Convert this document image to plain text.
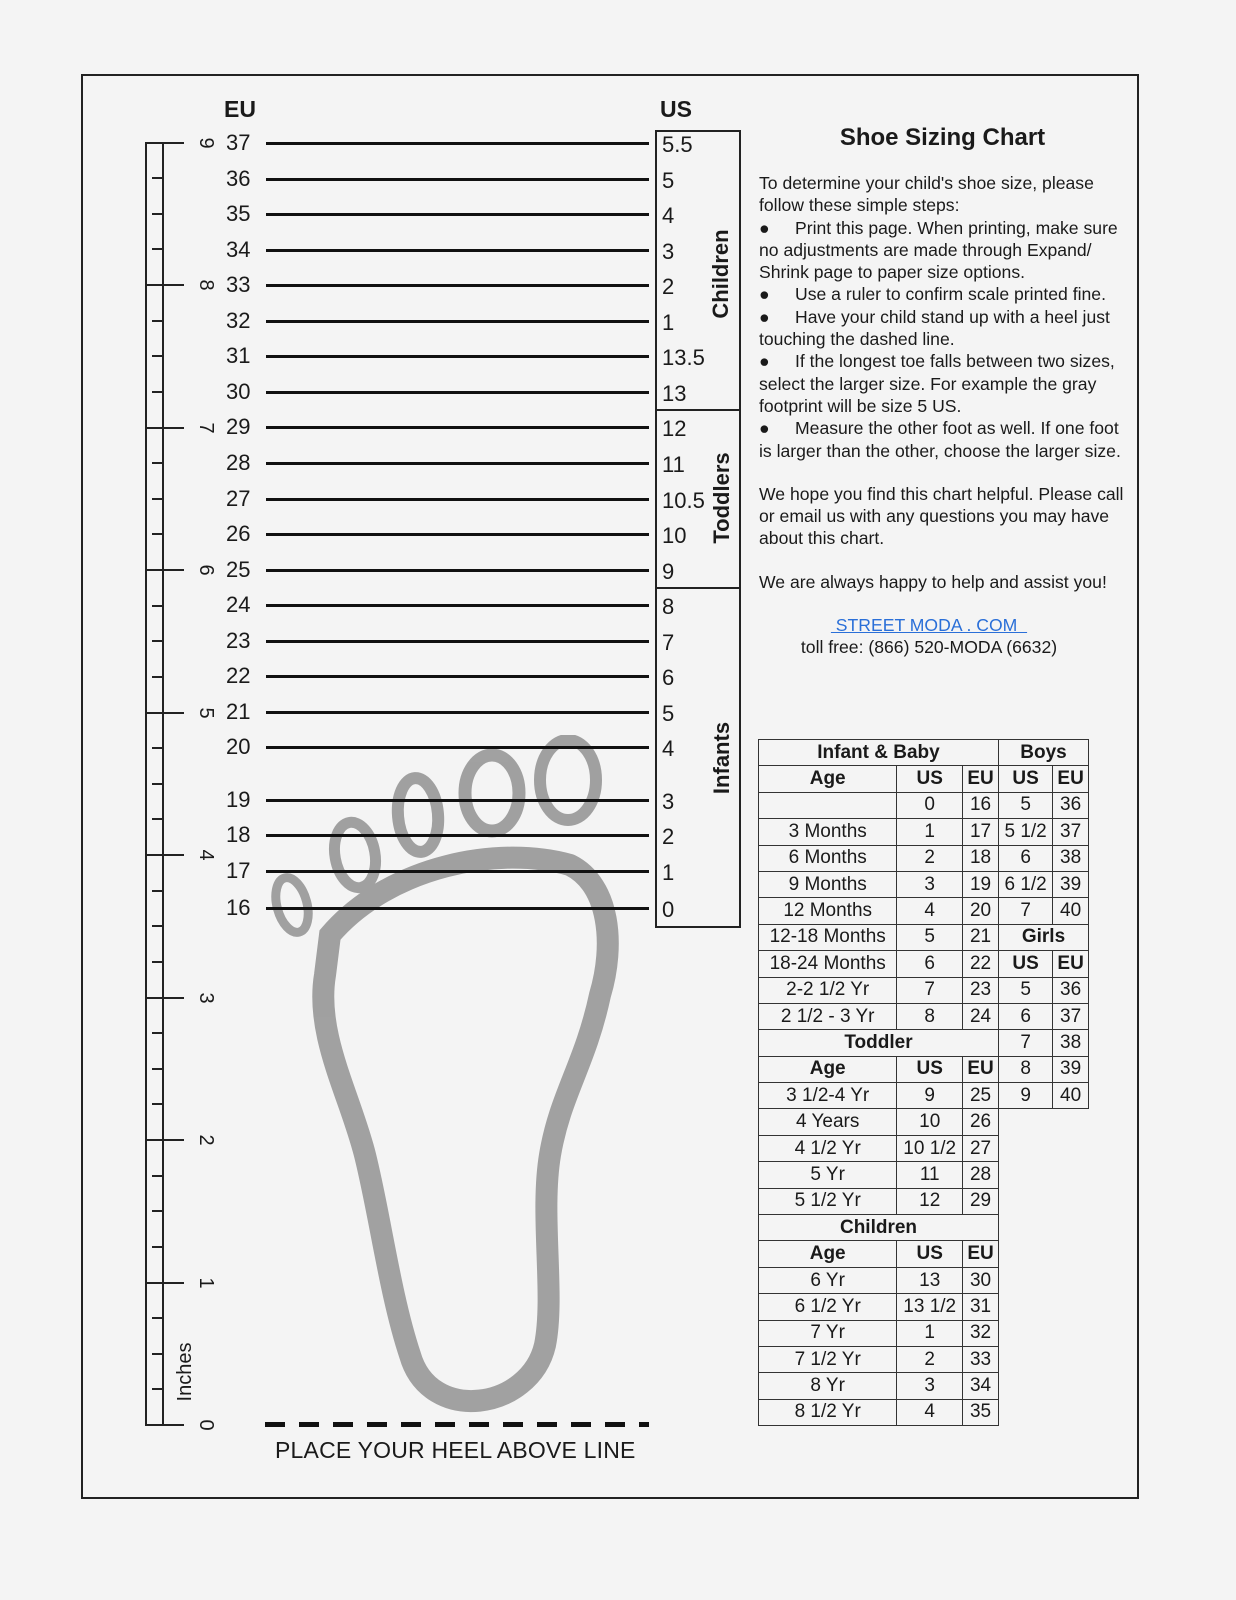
0
1
2
3
4
5
6
7
8
9
Inches
EU	US
37	5.5
36	5
35	4
34	3
33	2
32	1
31	13.5
30	13
29	12
28	11
27	10.5
26	10
25	9
24	8
23	7
22	6
21	5
20	4
19	3
18	2
17	1
16	0
Children
Toddlers
Infants
PLACE YOUR HEEL ABOVE LINE
Shoe Sizing Chart

To determine your child's shoe size, please follow these simple steps:

● Print this page. When printing, make sure no adjustments are made through Expand/ Shrink page to paper size options.

● Use a ruler to confirm scale printed fine.

● Have your child stand up with a heel just touching the dashed line.

● If the longest toe falls between two sizes, select the larger size. For example the gray footprint will be size 5 US.

● Measure the other foot as well. If one foot is larger than the other, choose the larger size.

We hope you find this chart helpful. Please call or email us with any questions you may have about this chart.

We are always happy to help and assist you!

STREET MODA . COM
toll free: (866) 520-MODA (6632)
Infant & Baby		
Age	US	EU
	0	16
3 Months	1	17
6 Months	2	18
9 Months	3	19
12 Months	4	20
12-18 Months	5	21
18-24 Months	6	22
2-2 1/2 Yr	7	23
2 1/2 - 3 Yr	8	24
Toddler		
Age	US	EU
3 1/2-4 Yr	9	25
4 Years	10	26
4 1/2 Yr	10 1/2	27
5 Yr	11	28
5 1/2 Yr	12	29
Children		
Age	US	EU
6 Yr	13	30
6 1/2 Yr	13 1/2	31
7 Yr	1	32
7 1/2 Yr	2	33
8 Yr	3	34
8 1/2 Yr	4	35
Boys	
US	EU
5	36
5 1/2	37
6	38
6 1/2	39
7	40
Girls	
US	EU
5	36
6	37
7	38
8	39
9	40
